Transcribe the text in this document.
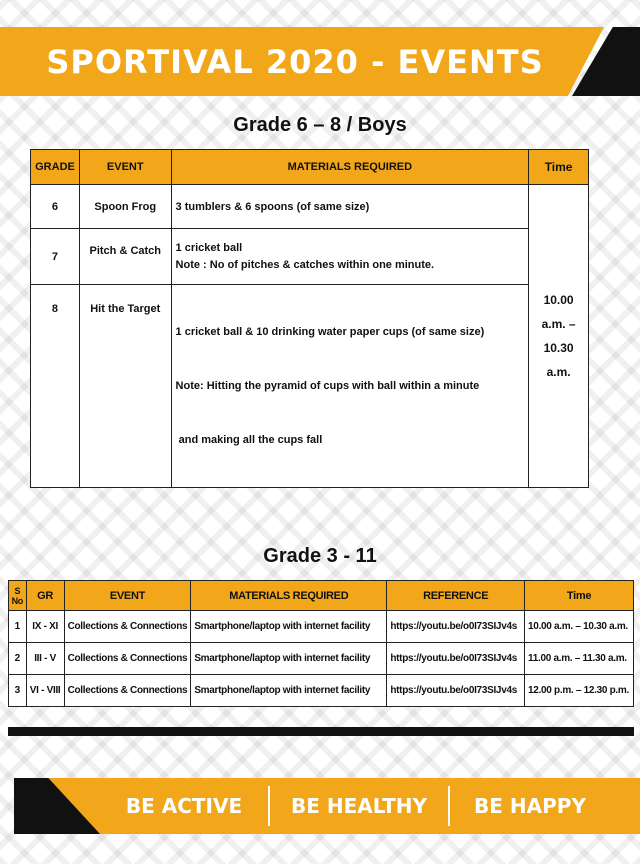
SPORTIVAL 2020 - EVENTS
Grade 6 – 8 / Boys
GRADE	EVENT	MATERIALS REQUIRED	Time
6	Spoon Frog	3 tumblers & 6 spoons (of same size)	10.00 a.m. –
10.30 a.m.

7	Pitch & Catch	1 cricket ball
Note : No of pitches & catches within one minute.	

8	Hit the Target	1 cricket ball & 10 drinking water paper cups (of same size)

Note: Hitting the pyramid of cups with ball within a minute

and making all the cups fall	

Grade 3 - 11
S
No	GR	EVENT	MATERIALS REQUIRED	REFERENCE	Time
1	IX - XI	Collections & Connections	Smartphone/laptop with internet facility	https://youtu.be/o0I73SIJv4s	10.00 a.m. – 10.30 a.m.
2	III - V	Collections & Connections	Smartphone/laptop with internet facility	https://youtu.be/o0I73SIJv4s	11.00 a.m. – 11.30 a.m.
3	VI - VIII	Collections & Connections	Smartphone/laptop with internet facility	https://youtu.be/o0I73SIJv4s	12.00 p.m. – 12.30 p.m.
BE ACTIVE	BE HEALTHY	BE HAPPY
